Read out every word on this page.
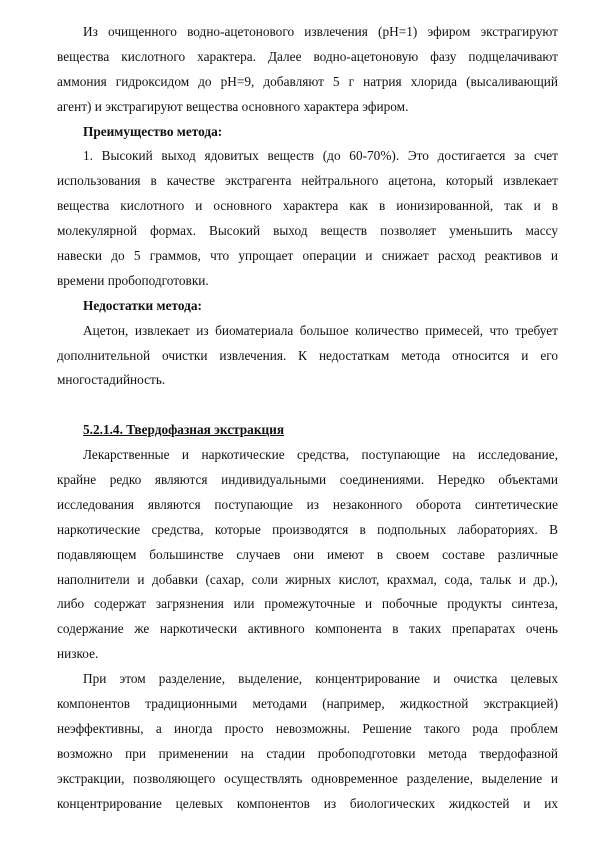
Из очищенного водно-ацетонового извлечения (pH=1) эфиром экстрагируют
вещества кислотного характера. Далее водно-ацетоновую фазу подщелачивают
аммония гидроксидом до pH=9, добавляют 5 г натрия хлорида (высаливающий
агент) и экстрагируют вещества основного характера эфиром.
Преимущество метода:
1. Высокий выход ядовитых веществ (до 60-70%). Это достигается за счет
использования в качестве экстрагента нейтрального ацетона, который извлекает
вещества кислотного и основного характера как в ионизированной, так и в
молекулярной формах. Высокий выход веществ позволяет уменьшить массу
навески до 5 граммов, что упрощает операции и снижает расход реактивов и
времени пробоподготовки.
Недостатки метода:
Ацетон, извлекает из биоматериала большое количество примесей, что требует
дополнительной очистки извлечения. К недостаткам метода относится и его
многостадийность.
5.2.1.4. Твердофазная экстракция
Лекарственные и наркотические средства, поступающие на исследование,
крайне редко являются индивидуальными соединениями. Нередко объектами
исследования являются поступающие из незаконного оборота синтетические
наркотические средства, которые производятся в подпольных лабораториях. В
подавляющем большинстве случаев они имеют в своем составе различные
наполнители и добавки (сахар, соли жирных кислот, крахмал, сода, тальк и др.),
либо содержат загрязнения или промежуточные и побочные продукты синтеза,
содержание же наркотически активного компонента в таких препаратах очень
низкое.
При этом разделение, выделение, концентрирование и очистка целевых
компонентов традиционными методами (например, жидкостной экстракцией)
неэффективны, а иногда просто невозможны. Решение такого рода проблем
возможно при применении на стадии пробоподготовки метода твердофазной
экстракции, позволяющего осуществлять одновременное разделение, выделение и
концентрирование целевых компонентов из биологических жидкостей и их
